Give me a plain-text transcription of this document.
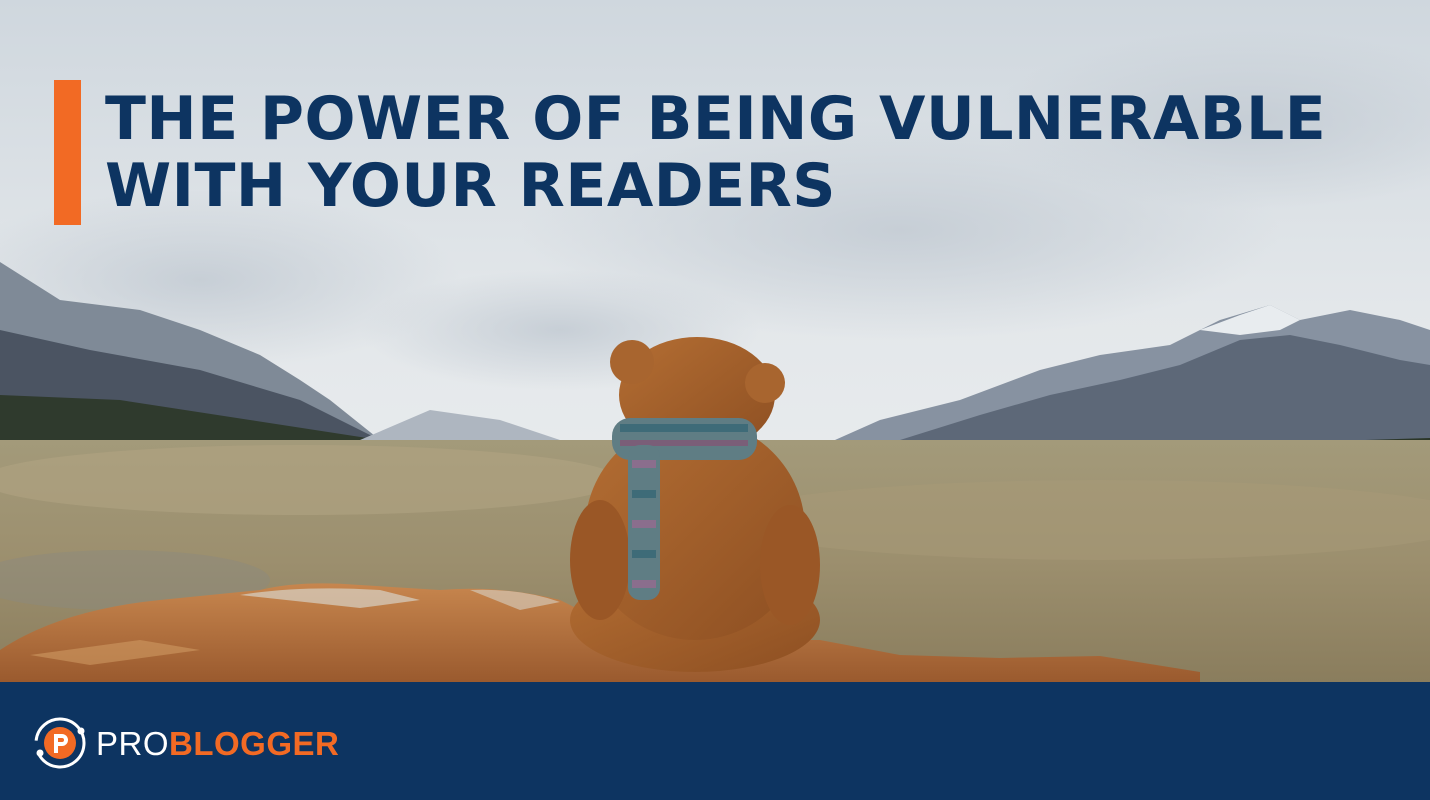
THE POWER OF BEING VULNERABLE
WITH YOUR READERS
PROBLOGGER
